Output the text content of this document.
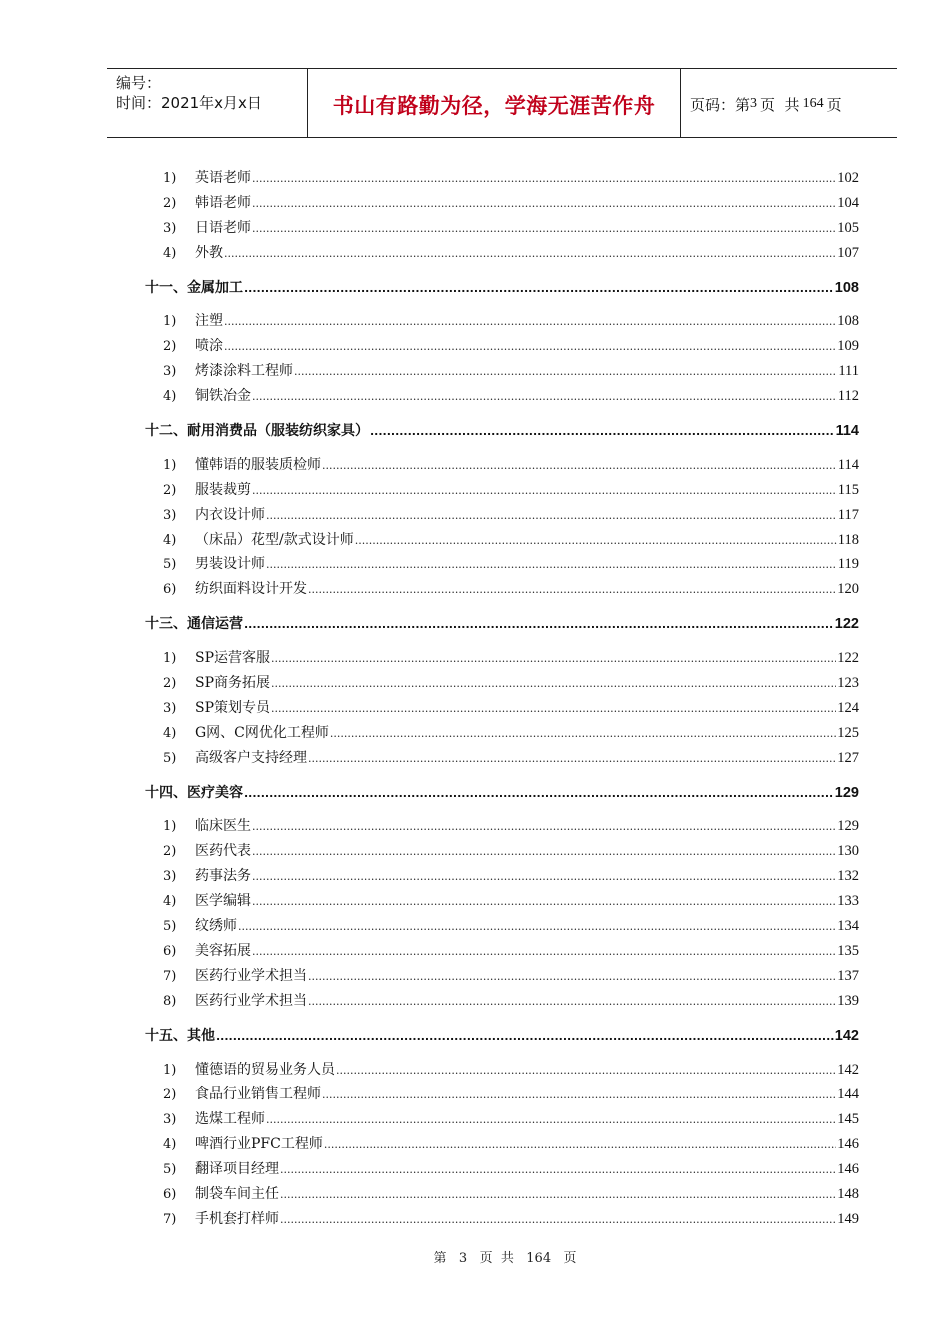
编号：
时间：2021年x月x日	书山有路勤为径，学海无涯苦作舟	页码：第 3
  页  共
  164
  页
1)	英语老师 .....	102
2)	韩语老师 .....	104
3)	日语老师 .....	105
4)	外教 .....	107
十一、金属加工 .....	108
1)	注塑 .....	108
2)	喷涂 .....	109
3)	烤漆涂料工程师 .....	111
4)	铜铁冶金 .....	112
十二、耐用消费品（服装纺织家具） .....	114
1)	懂韩语的服装质检师 .....	114
2)	服装裁剪 .....	115
3)	内衣设计师 .....	117
4)	（床品）花型/款式设计师 .....	118
5)	男装设计师 .....	119
6)	纺织面料设计开发 .....	120
十三、通信运营 .....	122
1)	SP运营客服 .....	122
2)	SP商务拓展 .....	123
3)	SP策划专员 .....	124
4)	G网、C网优化工程师 .....	125
5)	高级客户支持经理 .....	127
十四、医疗美容 .....	129
1)	临床医生 .....	129
2)	医药代表 .....	130
3)	药事法务 .....	132
4)	医学编辑 .....	133
5)	纹绣师 .....	134
6)	美容拓展 .....	135
7)	医药行业学术担当 .....	137
8)	医药行业学术担当 .....	139
十五、其他 .....	142
1)	懂德语的贸易业务人员 .....	142
2)	食品行业销售工程师 .....	144
3)	选煤工程师 .....	145
4)	啤酒行业PFC工程师 .....	146
5)	翻译项目经理 .....	146
6)	制袋车间主任 .....	148
7)	手机套打样师 .....	149
第 3 页  共 164 页
